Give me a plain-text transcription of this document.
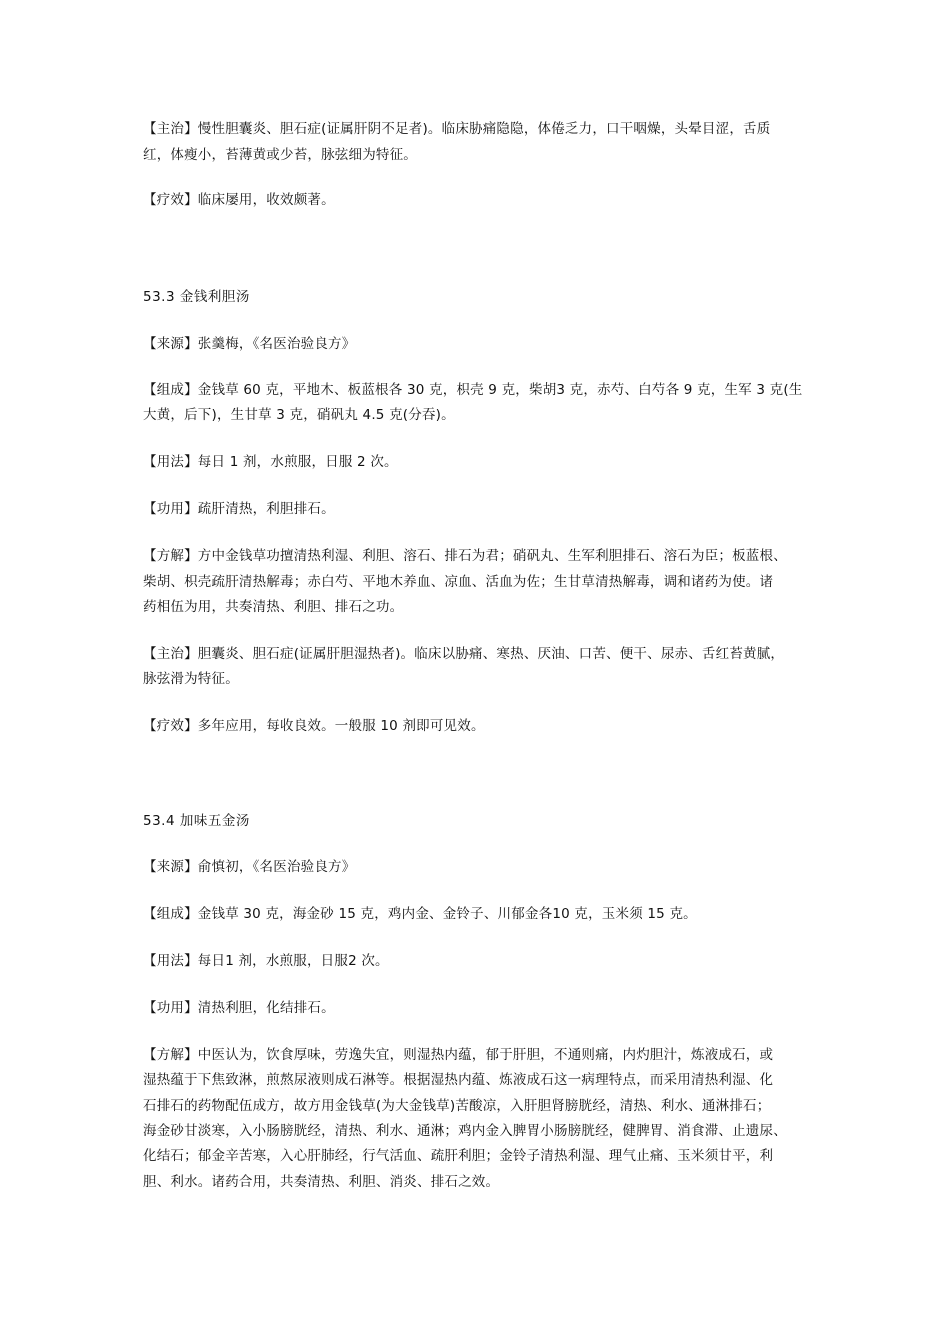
【主治】慢性胆囊炎、胆石症(证属肝阴不足者)。临床胁痛隐隐，体倦乏力，口干咽燥，头晕目涩，舌质

红，体瘦小，苔薄黄或少苔，脉弦细为特征。

【疗效】临床屡用，收效颇著。

53.3 金钱利胆汤

【来源】张羹梅，《名医治验良方》

【组成】金钱草 60 克，平地木、板蓝根各 30 克，枳壳 9 克，柴胡3 克，赤芍、白芍各 9 克，生军 3 克(生

大黄，后下)，生甘草 3 克，硝矾丸 4.5 克(分吞)。

【用法】每日 1 剂，水煎服，日服 2 次。

【功用】疏肝清热，利胆排石。

【方解】方中金钱草功擅清热利湿、利胆、溶石、排石为君；硝矾丸、生军利胆排石、溶石为臣；板蓝根、

柴胡、枳壳疏肝清热解毒；赤白芍、平地木养血、凉血、活血为佐；生甘草清热解毒，调和诸药为使。诸

药相伍为用，共奏清热、利胆、排石之功。

【主治】胆囊炎、胆石症(证属肝胆湿热者)。临床以胁痛、寒热、厌油、口苦、便干、尿赤、舌红苔黄腻，

脉弦滑为特征。

【疗效】多年应用，每收良效。一般服 10 剂即可见效。

53.4 加味五金汤

【来源】俞慎初，《名医治验良方》

【组成】金钱草 30 克，海金砂 15 克，鸡内金、金铃子、川郁金各10 克，玉米须 15 克。

【用法】每日1 剂，水煎服，日服2 次。

【功用】清热利胆，化结排石。

【方解】中医认为，饮食厚味，劳逸失宜，则湿热内蕴，郁于肝胆，不通则痛，内灼胆汁，炼液成石，或

湿热蕴于下焦致淋，煎熬尿液则成石淋等。根据湿热内蕴、炼液成石这一病理特点，而采用清热利湿、化

石排石的药物配伍成方，故方用金钱草(为大金钱草)苦酸凉，入肝胆肾膀胱经，清热、利水、通淋排石；

海金砂甘淡寒，入小肠膀胱经，清热、利水、通淋；鸡内金入脾胃小肠膀胱经，健脾胃、消食滞、止遗尿、

化结石；郁金辛苦寒，入心肝肺经，行气活血、疏肝利胆；金铃子清热利湿、理气止痛、玉米须甘平，利

胆、利水。诸药合用，共奏清热、利胆、消炎、排石之效。
